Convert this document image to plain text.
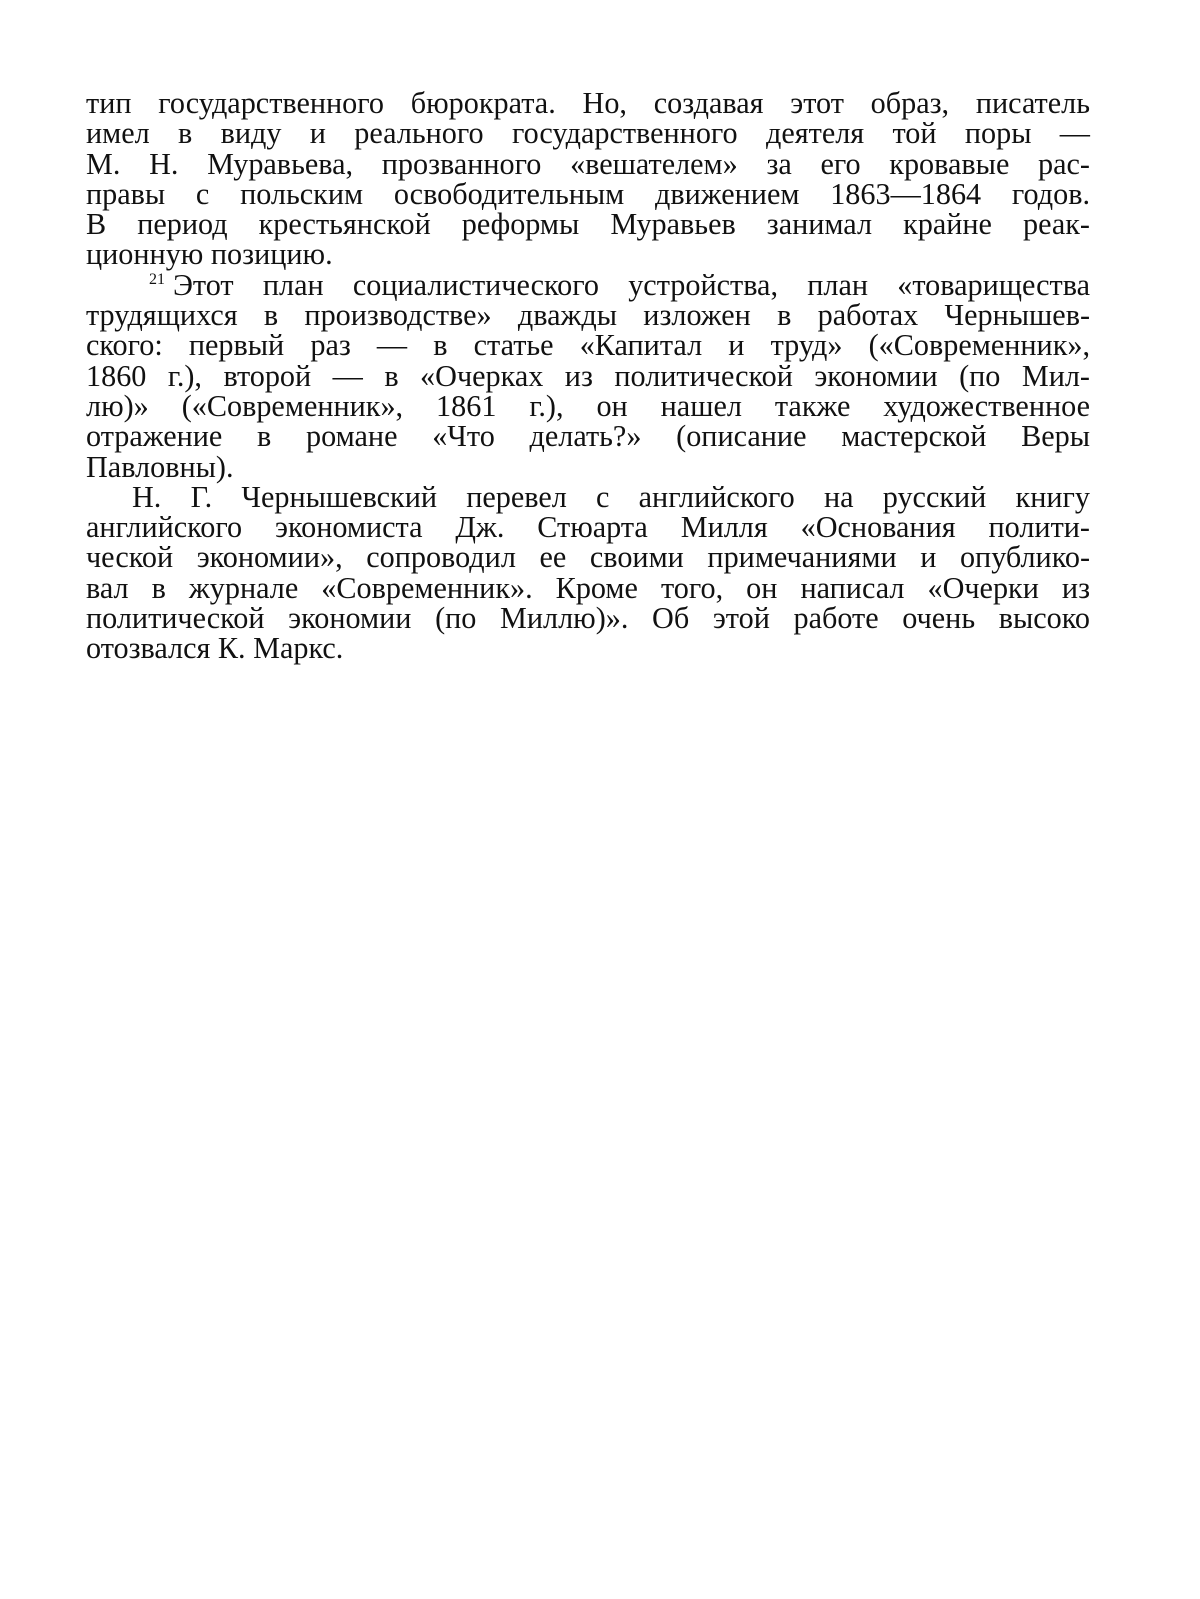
тип государственного бюрократа. Но, создавая этот образ, писатель
имел в виду и реального государственного деятеля той поры —
М. Н. Муравьева, прозванного «вешателем» за его кровавые рас-
правы с польским освободительным движением 1863—1864 годов.
В период крестьянской реформы Муравьев занимал крайне реак-
ционную позицию.
$^{21}$ Этот план социалистического устройства, план «товарищества
трудящихся в производстве» дважды изложен в работах Чернышев-
ского: первый раз — в статье «Капитал и труд» («Современник»,
1860 г.), второй — в «Очерках из политической экономии (по Мил-
лю)» («Современник», 1861 г.), он нашел также художественное
отражение в романе «Что делать?» (описание мастерской Веры
Павловны).
Н. Г. Чернышевский перевел с английского на русский книгу
английского экономиста Дж. Стюарта Милля «Основания полити-
ческой экономии», сопроводил ее своими примечаниями и опублико-
вал в журнале «Современник». Кроме того, он написал «Очерки из
политической экономии (по Миллю)». Об этой работе очень высоко
отозвался К. Маркс.
